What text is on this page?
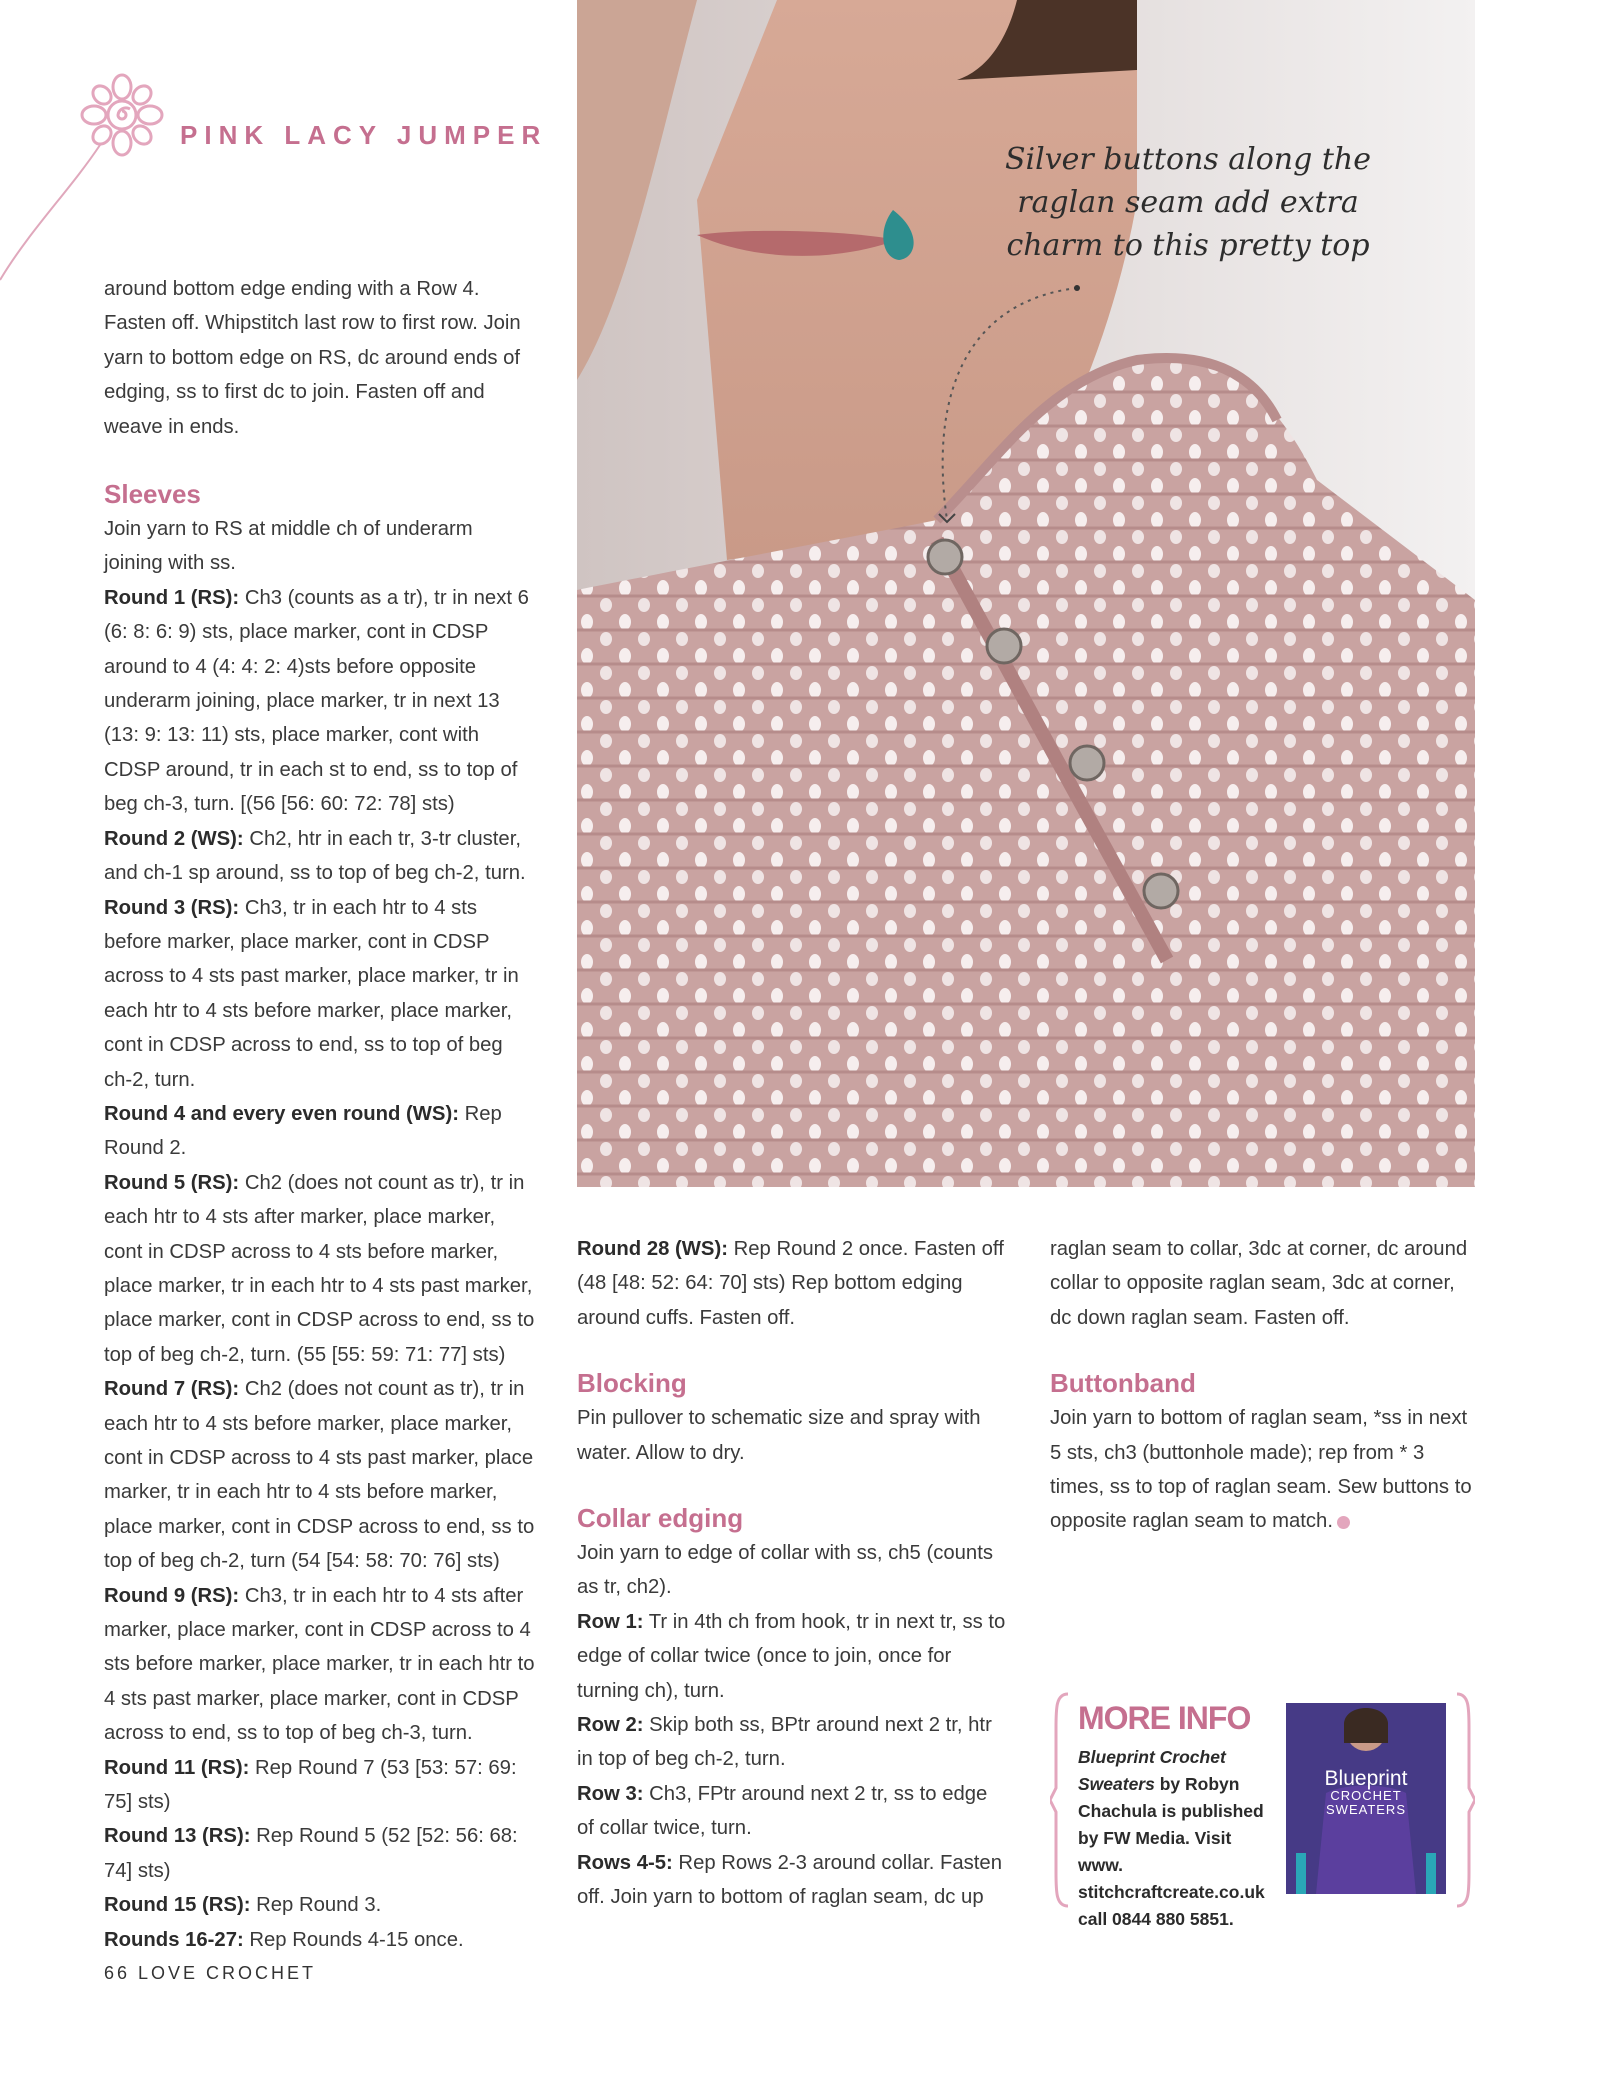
PINK LACY JUMPER

around bottom edge ending with a Row 4. Fasten off. Whipstitch last row to first row. Join yarn to bottom edge on RS, dc around ends of edging, ss to first dc to join. Fasten off and weave in ends.

Sleeves

Join yarn to RS at middle ch of underarm joining with ss.

Round 1 (RS): Ch3 (counts as a tr), tr in next 6 (6: 8: 6: 9) sts, place marker, cont in CDSP around to 4 (4: 4: 2: 4)sts before opposite underarm joining, place marker, tr in next 13 (13: 9: 13: 11) sts, place marker, cont with CDSP around, tr in each st to end, ss to top of beg ch-3, turn. [(56 [56: 60: 72: 78] sts)

Round 2 (WS): Ch2, htr in each tr, 3-tr cluster, and ch-1 sp around, ss to top of beg ch-2, turn.

Round 3 (RS): Ch3, tr in each htr to 4 sts before marker, place marker, cont in CDSP across to 4 sts past marker, place marker, tr in each htr to 4 sts before marker, place marker, cont in CDSP across to end, ss to top of beg ch-2, turn.

Round 4 and every even round (WS): Rep Round 2.

Round 5 (RS): Ch2 (does not count as tr), tr in each htr to 4 sts after marker, place marker, cont in CDSP across to 4 sts before marker, place marker, tr in each htr to 4 sts past marker, place marker, cont in CDSP across to end, ss to top of beg ch-2, turn. (55 [55: 59: 71: 77] sts)

Round 7 (RS): Ch2 (does not count as tr), tr in each htr to 4 sts before marker, place marker, cont in CDSP across to 4 sts past marker, place marker, tr in each htr to 4 sts before marker, place marker, cont in CDSP across to end, ss to top of beg ch-2, turn (54 [54: 58: 70: 76] sts)

Round 9 (RS): Ch3, tr in each htr to 4 sts after marker, place marker, cont in CDSP across to 4 sts before marker, place marker, tr in each htr to 4 sts past marker, place marker, cont in CDSP across to end, ss to top of beg ch-3, turn.

Round 11 (RS): Rep Round 7 (53 [53: 57: 69: 75] sts)

Round 13 (RS): Rep Round 5 (52 [52: 56: 68: 74] sts)

Round 15 (RS): Rep Round 3.

Rounds 16-27: Rep Rounds 4-15 once.

Silver buttons along the raglan seam add extra charm to this pretty top

Round 28 (WS): Rep Round 2 once. Fasten off (48 [48: 52: 64: 70] sts) Rep bottom edging around cuffs. Fasten off.

Blocking

Pin pullover to schematic size and spray with water. Allow to dry.

Collar edging

Join yarn to edge of collar with ss, ch5 (counts as tr, ch2).

Row 1: Tr in 4th ch from hook, tr in next tr, ss to edge of collar twice (once to join, once for turning ch), turn.

Row 2: Skip both ss, BPtr around next 2 tr, htr in top of beg ch-2, turn.

Row 3: Ch3, FPtr around next 2 tr, ss to edge of collar twice, turn.

Rows 4-5: Rep Rows 2-3 around collar. Fasten off. Join yarn to bottom of raglan seam, dc up

raglan seam to collar, 3dc at corner, dc around collar to opposite raglan seam, 3dc at corner, dc down raglan seam. Fasten off.

Buttonband

Join yarn to bottom of raglan seam, *ss in next 5 sts, ch3 (buttonhole made); rep from * 3 times, ss to top of raglan seam. Sew buttons to opposite raglan seam to match.

MORE INFO
Blueprint Crochet Sweaters by Robyn Chachula is published by FW Media. Visit www. stitchcraftcreate.co.uk call 0844 880 5851.
Blueprint
CROCHET
SWEATERS
66 LOVE CROCHET
